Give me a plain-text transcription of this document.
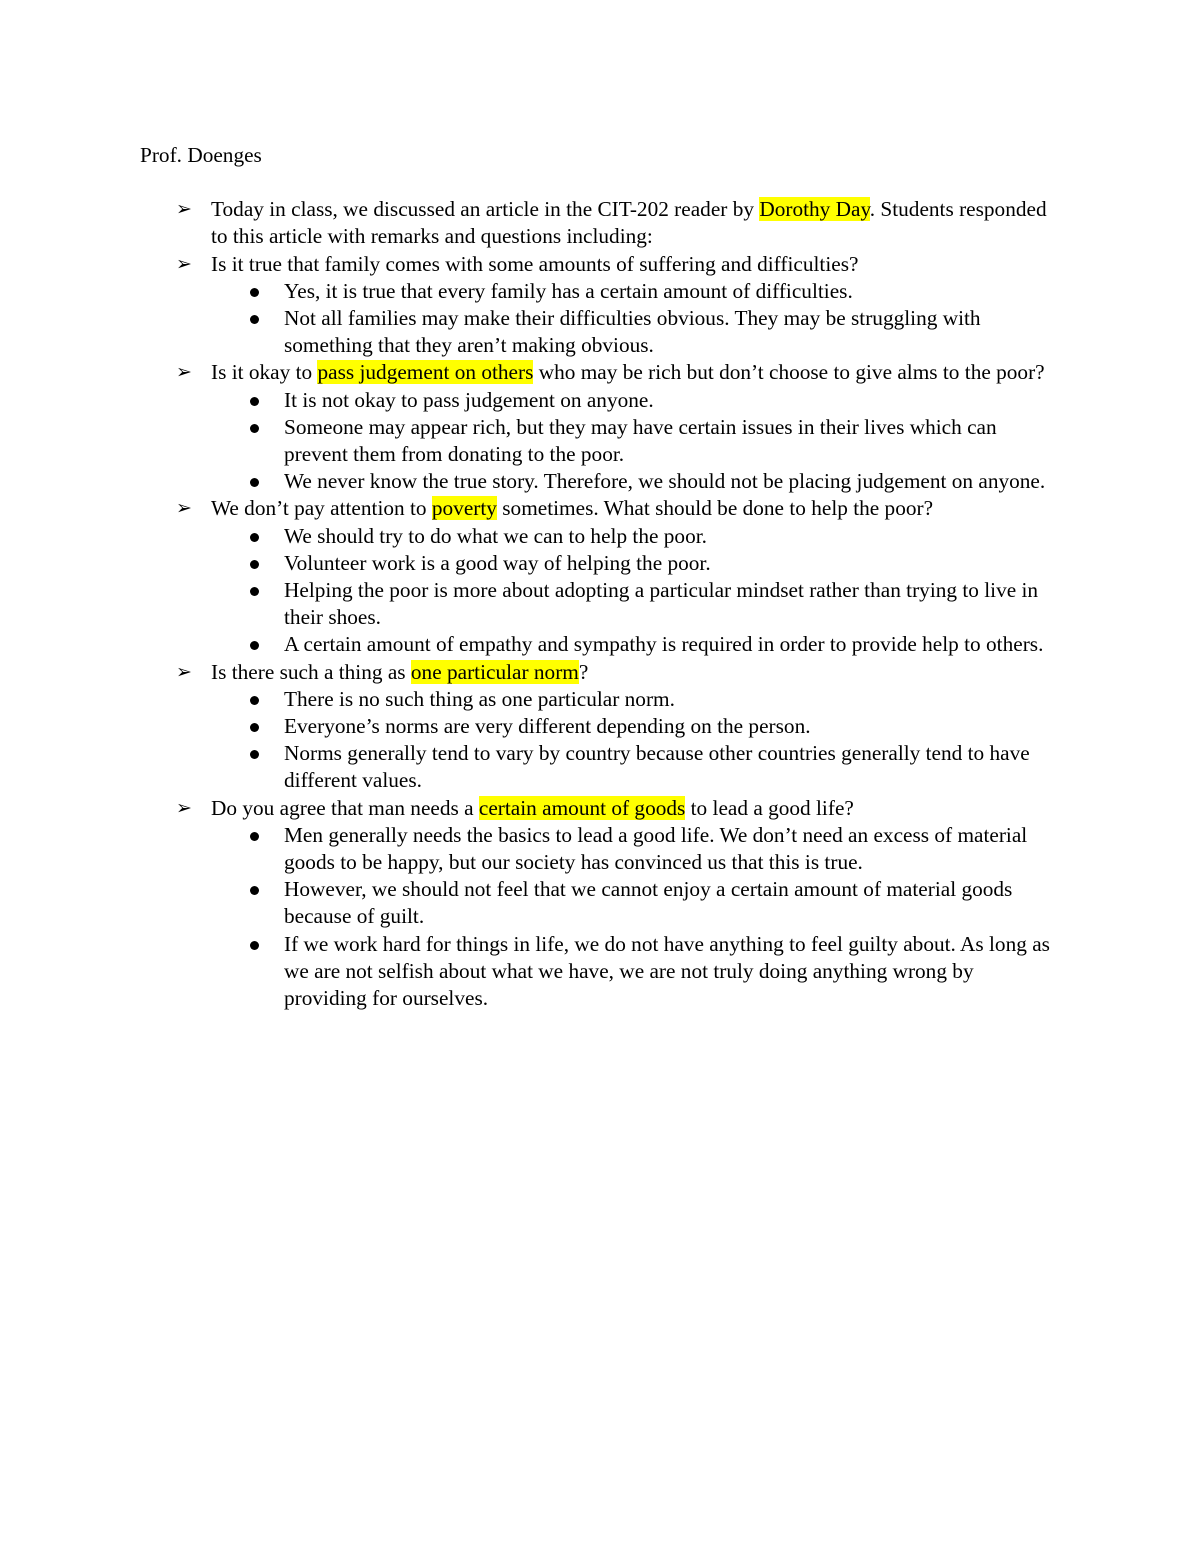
Prof. Doenges

➢ Today in class, we discussed an article in the CIT-202 reader by Dorothy Day. Students responded to this article with remarks and questions including:
➢ Is it true that family comes with some amounts of suffering and difficulties?
Yes, it is true that every family has a certain amount of difficulties.
Not all families may make their difficulties obvious. They may be struggling with something that they aren’t making obvious.
➢ Is it okay to pass judgement on others who may be rich but don’t choose to give alms to the poor?
It is not okay to pass judgement on anyone.
Someone may appear rich, but they may have certain issues in their lives which can prevent them from donating to the poor.
We never know the true story. Therefore, we should not be placing judgement on anyone.
➢ We don’t pay attention to poverty sometimes. What should be done to help the poor?
We should try to do what we can to help the poor.
Volunteer work is a good way of helping the poor.
Helping the poor is more about adopting a particular mindset rather than trying to live in their shoes.
A certain amount of empathy and sympathy is required in order to provide help to others.
➢ Is there such a thing as one particular norm?
There is no such thing as one particular norm.
Everyone’s norms are very different depending on the person.
Norms generally tend to vary by country because other countries generally tend to have different values.
➢ Do you agree that man needs a certain amount of goods to lead a good life?
Men generally needs the basics to lead a good life. We don’t need an excess of material goods to be happy, but our society has convinced us that this is true.
However, we should not feel that we cannot enjoy a certain amount of material goods because of guilt.
If we work hard for things in life, we do not have anything to feel guilty about. As long as we are not selfish about what we have, we are not truly doing anything wrong by providing for ourselves.
